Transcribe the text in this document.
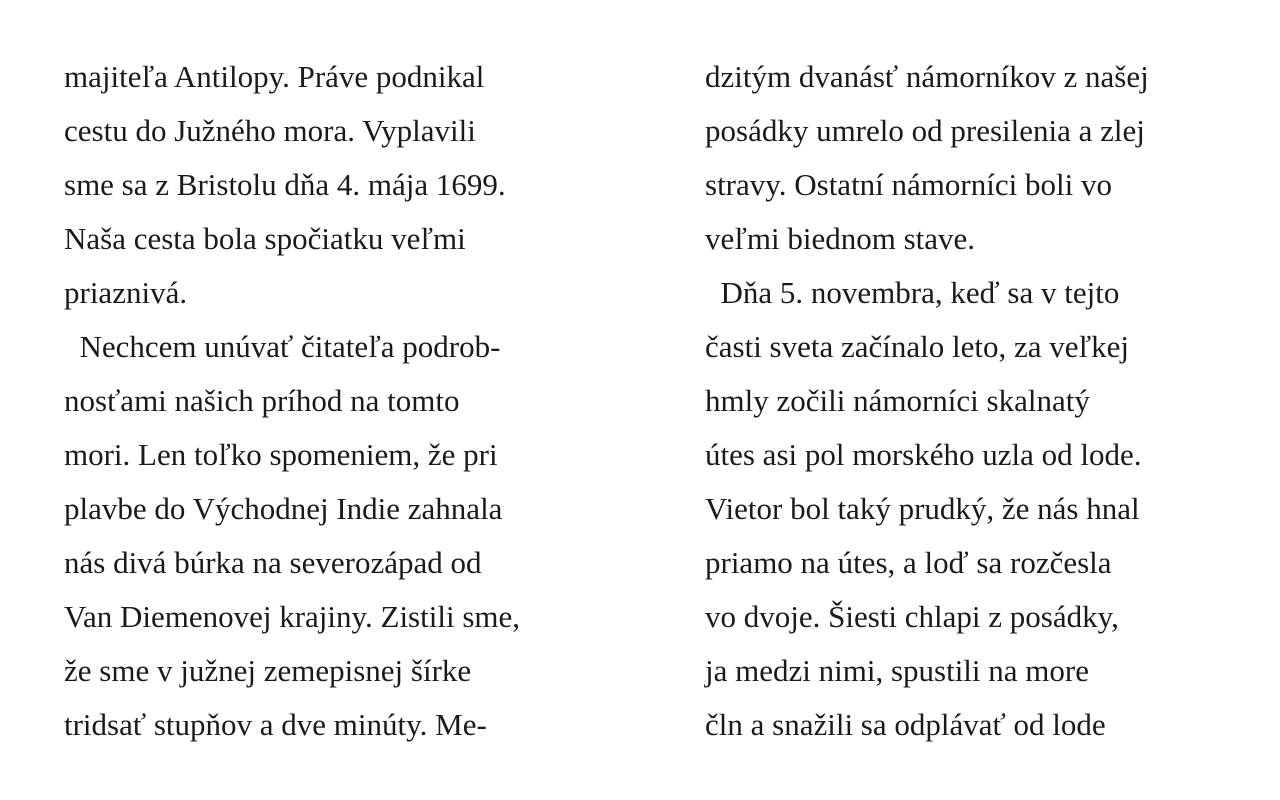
majiteľa Antilopy. Práve podnikal
cestu do Južného mora. Vyplavili
sme sa z Bristolu dňa 4. mája 1699.
Naša cesta bola spočiatku veľmi
priaznivá.
Nechcem unúvať čitateľa podrob-
nosťami našich príhod na tomto
mori. Len toľko spomeniem, že pri
plavbe do Východnej Indie zahnala
nás divá búrka na severozápad od
Van Diemenovej krajiny. Zistili sme,
že sme v južnej zemepisnej šírke
tridsať stupňov a dve minúty. Me-
dzitým dvanásť námorníkov z našej
posádky umrelo od presilenia a zlej
stravy. Ostatní námorníci boli vo
veľmi biednom stave.
Dňa 5. novembra, keď sa v tejto
časti sveta začínalo leto, za veľkej
hmly zočili námorníci skalnatý
útes asi pol morského uzla od lode.
Vietor bol taký prudký, že nás hnal
priamo na útes, a loď sa rozčesla
vo dvoje. Šiesti chlapi z posádky,
ja medzi nimi, spustili na more
čln a snažili sa odplávať od lode
